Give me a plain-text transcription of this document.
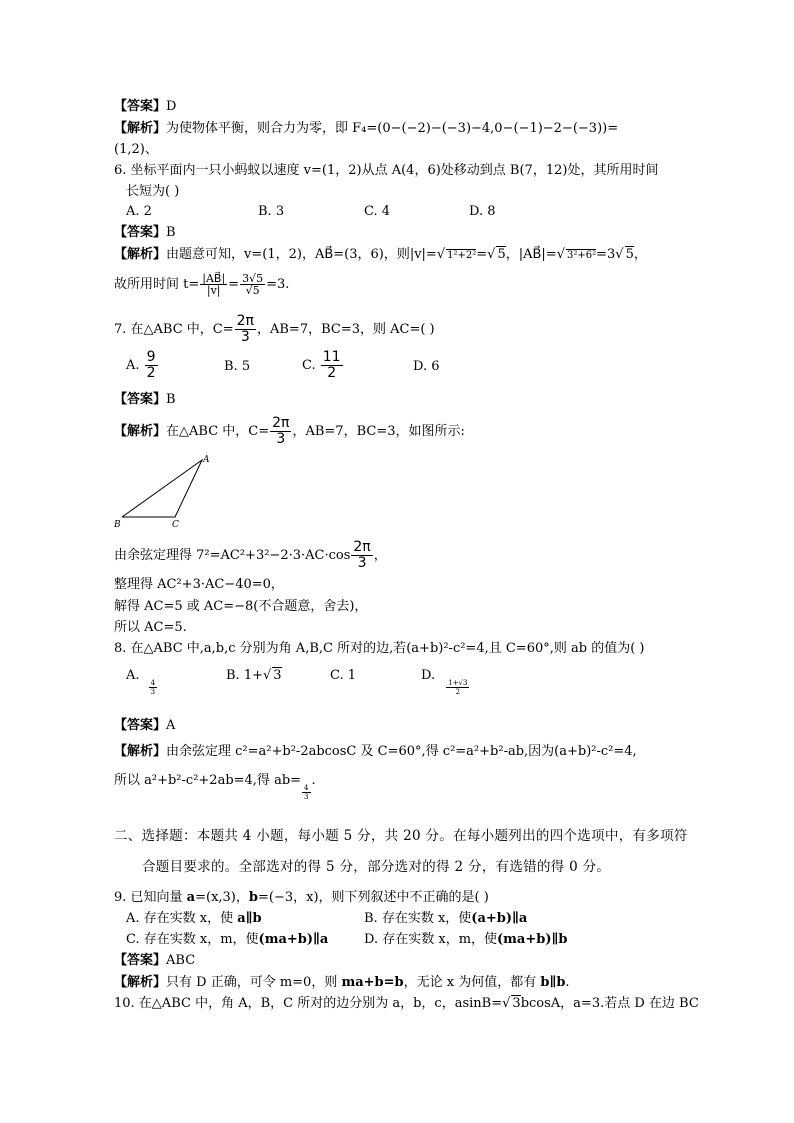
【答案】D
【解析】为使物体平衡，则合力为零，即 F₄=(0−(−2)−(−3)−4,0−(−1)−2−(−3))=
(1,2)、
6. 坐标平面内一只小蚂蚁以速度 v=(1，2)从点 A(4，6)处移动到点 B(7，12)处，其所用时间
长短为( )
A. 2	B. 3	C. 4	D. 8
【答案】B
【解析】由题意可知，v=(1，2)，AB⃗=(3，6)，则|v|=√ 1²+2²=√ 5，|AB⃗|=√ 3²+6²=3√ 5，
故所用时间 $t= \frac{|AB⃗|}{|v|} = \frac{3√5}{√5} =3$.
7. 在△ABC 中，$C= \frac{2\pi}{3}$ ，AB=7，BC=3，则 AC=( )
A. $\frac{9}{2}$	B. 5	C. $\frac{11}{2}$	D. 6
【答案】B
【解析】在△ABC 中，$C= \frac{2\pi}{3}$ ，AB=7，BC=3，如图所示:
A
B	C
由余弦定理得 $7^2=AC^2+3^2-2\cdot 3\cdot AC\cdot\cos \frac{2\pi}{3}$ ，
整理得 AC²+3·AC−40=0，
解得 AC=5 或 AC=−8(不合题意，舍去)，
所以 AC=5.
8. 在△ABC 中,a,b,c 分别为角 A,B,C 所对的边,若(a+b)²-c²=4,且 C=60°,则 ab 的值为( )
A.
$\frac{4}{3}$
B. 1+√ 3	C. 1	D.
$\frac{1+√3}{2}$
【答案】A
【解析】由余弦定理 c²=a²+b²-2abcosC 及 C=60°,得 c²=a²+b²-ab,因为(a+b)²-c²=4,
所以 a²+b²-c²+2ab=4,得 ab=
$\frac{4}{3}$
.
二、选择题：本题共 4 小题，每小题 5 分，共 20 分。在每小题列出的四个选项中，有多项符
合题目要求的。全部选对的得 5 分，部分选对的得 2 分，有选错的得 0 分。
9. 已知向量 a=(x,3)，b=(−3，x)，则下列叙述中不正确的是( )
A. 存在实数 x，使 a∥b	B. 存在实数 x，使(a+b)∥a
C. 存在实数 x，m，使(ma+b)∥a	D. 存在实数 x，m，使(ma+b)∥b
【答案】ABC
【解析】只有 D 正确，可令 m=0，则 ma+b=b，无论 x 为何值，都有 b∥b.
10. 在△ABC 中，角 A，B，C 所对的边分别为 a，b，c，asinB=√ 3bcosA，a=3.若点 D 在边 BC
